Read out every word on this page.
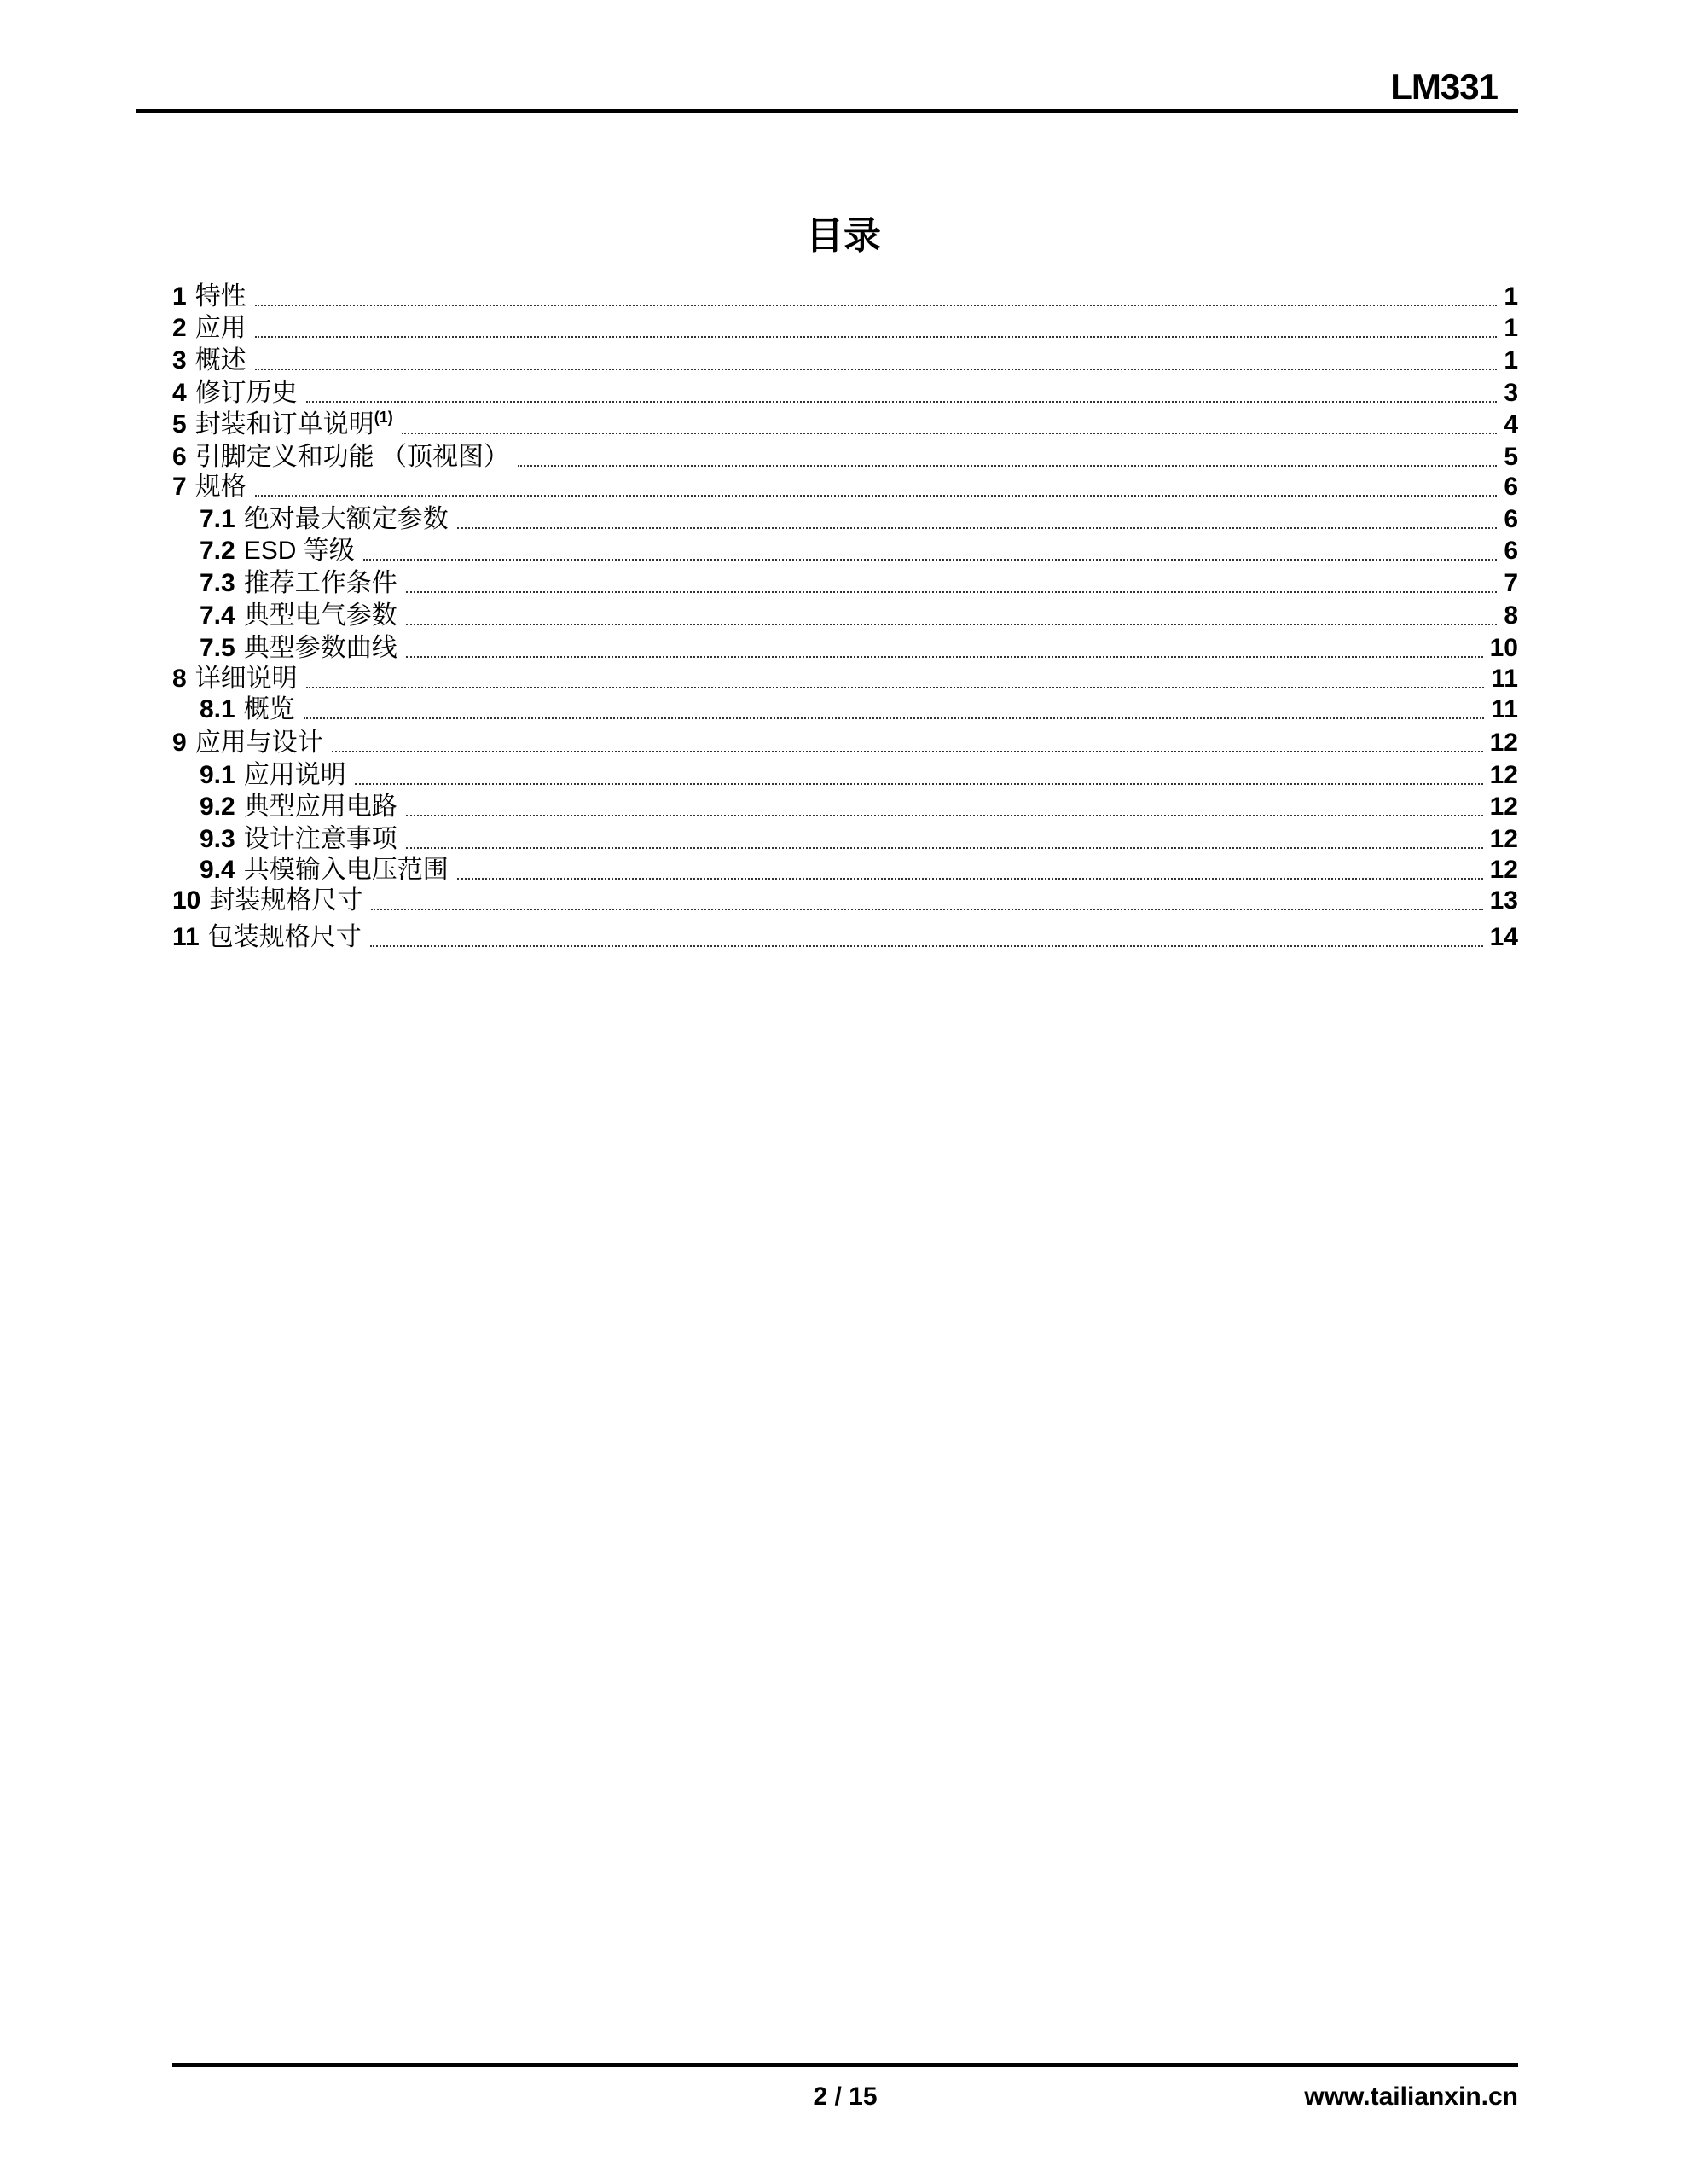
LM331
目录
1 特性	1
2 应用	1
3 概述	1
4 修订历史	3
5 封装和订单说明$^{(1)}$	4
6 引脚定义和功能 （顶视图）	5
7 规格	6
7.1 绝对最大额定参数	6
7.2 ESD 等级	6
7.3 推荐工作条件	7
7.4 典型电气参数	8
7.5 典型参数曲线	10
8 详细说明	11
8.1 概览	11
9 应用与设计	12
9.1 应用说明	12
9.2 典型应用电路	12
9.3 设计注意事项	12
9.4 共模输入电压范围	12
10 封装规格尺寸	13
11 包装规格尺寸	14
2 / 15	www.tailianxin.cn
